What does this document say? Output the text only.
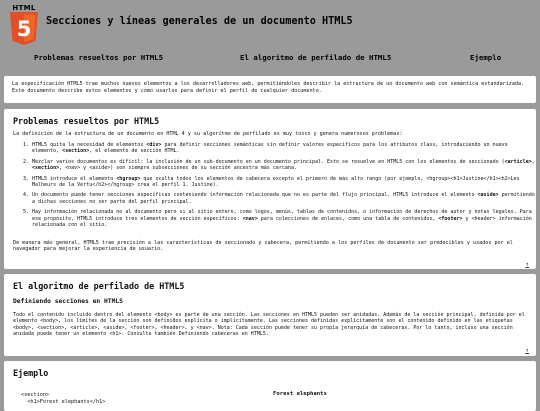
HTML
5 Secciones y líneas generales de un documento HTML5
Problemas resueltos por HTML5	El algoritmo de perfilado de HTML5	Ejemplo

La especificación HTML5 trae muchos nuevos elementos a los desarrolladores web, permitiéndoles describir la estructura de un documento web con semántica estandarizada. Este documento describe estos elementos y cómo usarlos para definir el perfil de cualquier documento.

Problemas resueltos por HTML5
La definición de la estructura de un documento en HTML 4 y su algoritmo de perfilado es muy tosco y genera numerosos problemas:
1. HTML5 quita la necesidad de elementos <div> para definir secciones semánticas sin definir valores específicos para los atributos class, introduciendo un nuevo elemento, <section>, el elemento de sección HTML.
2. Mezclar varios documentos es difícil: la inclusión de un sub-documento en un documento principal. Esto se resuelve en HTML5 con los elementos de seccionado (<article>, <section>, <nav> y <aside>) son siempre subsecciones de su sección ancestra más cercana.
3. HTML5 introduce el elemento <hgroup> que oculta todos los elementos de cabecera excepto el primero de más alto rango (por ejemplo, <hgroup><h1>Justine</h1><h2>Les Malheurs de la Vertu</h2></hgroup> crea el perfil 1. Justine).
4. Un documento puede tener secciones específicas conteniendo información relacionada que no es parte del flujo principal. HTML5 introduce el elemento <aside> permitiendo a dichas secciones no ser parte del perfil principal.
5. Hay información relacionada no al documento pero si al sitio entero, como logos, menús, tablas de contenidos, o información de derechos de autor y notas legales. Para ese propósito, HTML5 introduce tres elementos de sección específicos: <nav> para colecciones de enlaces, como una tabla de contenidos, <footer> y <header> información relacionada con el sitio.
De manera más general, HTML5 trae precisión a las características de seccionado y cabecera, permitiendo a los perfiles de documento ser predecibles y usados por el navegador para mejorar la experiencia de usuario.
↑
El algoritmo de perfilado de HTML5
Definiendo secciones en HTML5

Todo el contenido incluido dentro del elemento <body> es parte de una sección. Las secciones en HTML5 pueden ser anidadas. Además de la sección principal, definida por el elemento <body>, los límites de la sección son definidos explícita o implícitamente. Las secciones definidas explícitamente son el contenido definido en las etiquetas <body>, <section>, <article>, <aside>, <footer>, <header>, y <nav>. Nota: Cada sección puede tener su propia jerarquía de cabeceras. Por lo tanto, incluso una sección anidada puede tener un elemento <h1>. Consulte también Definiendo cabeceras en HTML5.

↑
Ejemplo
<section>
<h1>Forest elephants</h1>
Forest elephants
